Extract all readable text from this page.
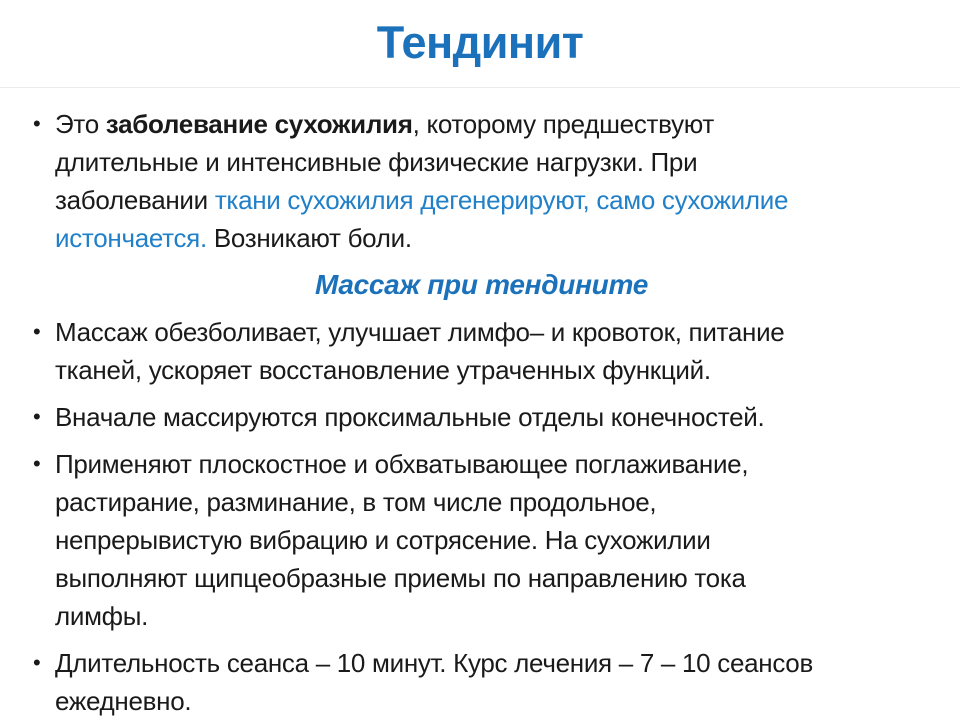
Тендинит
• Это заболевание сухожилия, которому предшествуют
длительные и интенсивные физические нагрузки. При
заболевании ткани сухожилия дегенерируют, само сухожилие
истончается. Возникают боли.
Массаж при тендините
• Массаж обезболивает, улучшает лимфо– и кровоток, питание
тканей, ускоряет восстановление утраченных функций.
• Вначале массируются проксимальные отделы конечностей.
• Применяют плоскостное и обхватывающее поглаживание,
растирание, разминание, в том числе продольное,
непрерывистую вибрацию и сотрясение. На сухожилии
выполняют щипцеобразные приемы по направлению тока
лимфы.
• Длительность сеанса – 10 минут. Курс лечения – 7 – 10 сеансов
ежедневно.
